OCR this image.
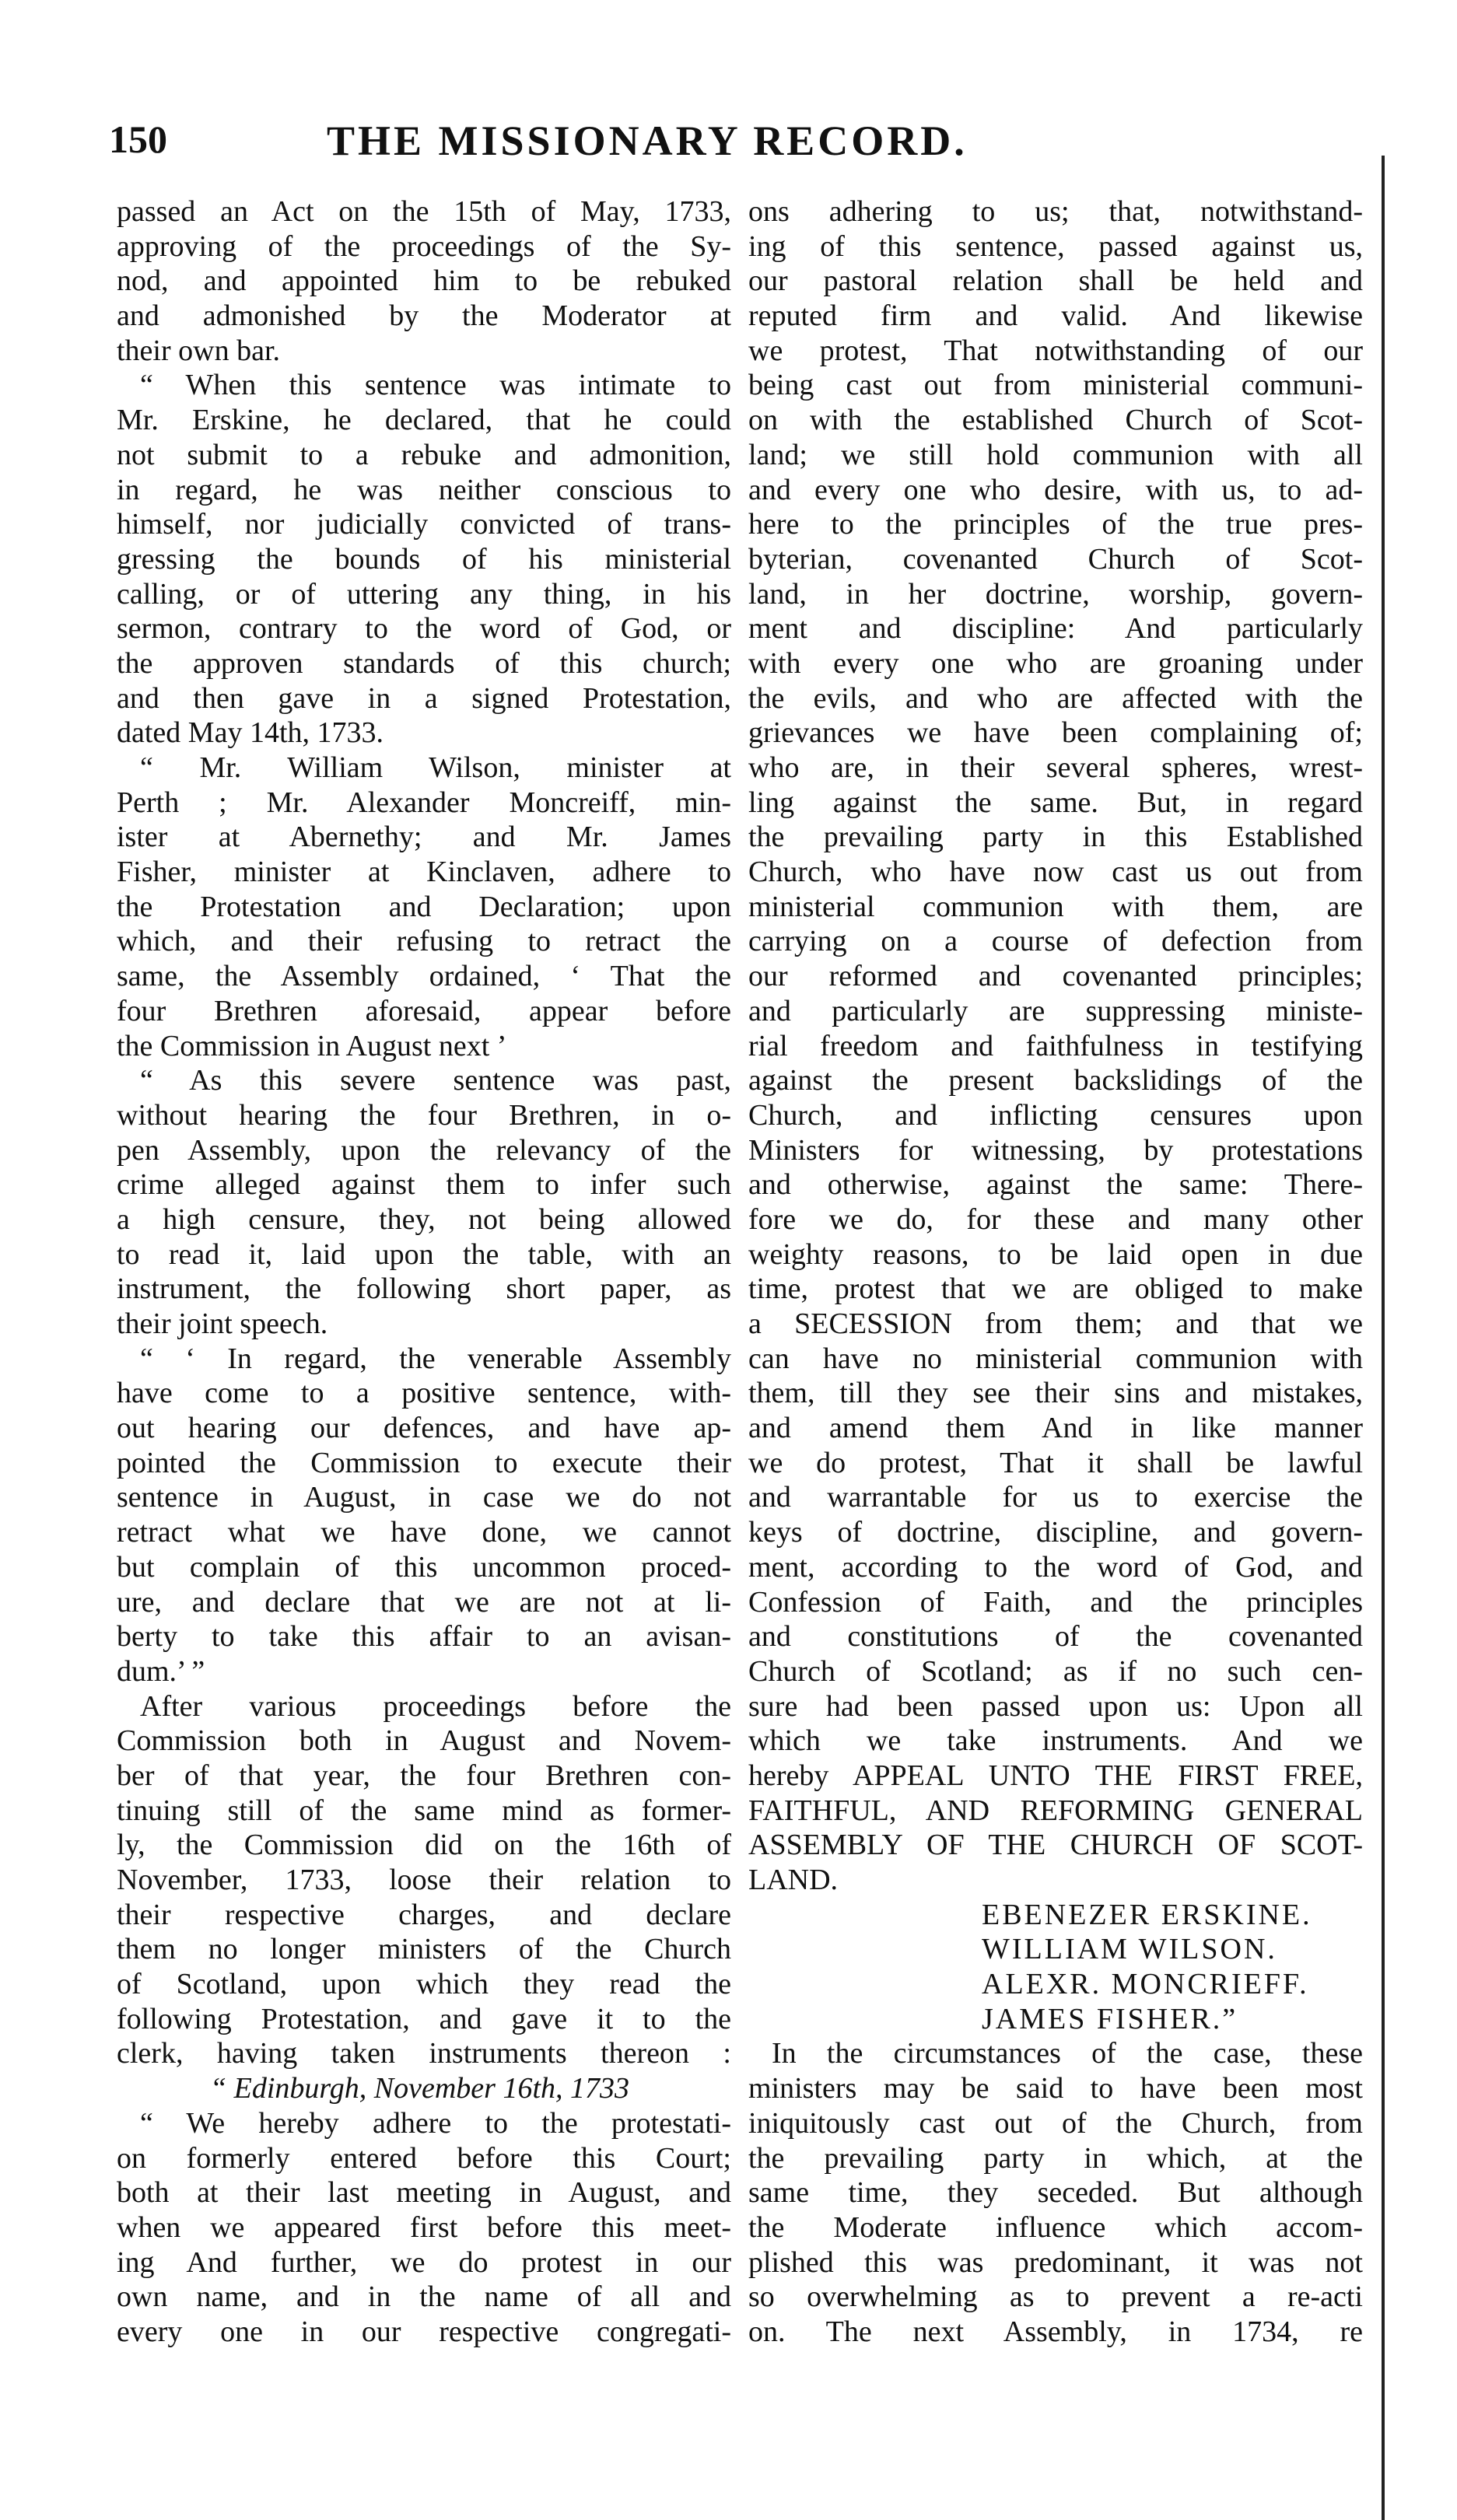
150	THE MISSIONARY RECORD.
passed an Act on the 15th of May, 1733,
approving of the proceedings of the Sy-
nod, and appointed him to be rebuked
and admonished by the Moderator at
their own bar.
“ When this sentence was intimate to
Mr. Erskine, he declared, that he could
not submit to a rebuke and admonition,
in regard, he was neither conscious to
himself, nor judicially convicted of trans-
gressing the bounds of his ministerial
calling, or of uttering any thing, in his
sermon, contrary to the word of God, or
the approven standards of this church;
and then gave in a signed Protestation,
dated May 14th, 1733.
“ Mr. William Wilson, minister at
Perth ; Mr. Alexander Moncreiff, min-
ister at Abernethy; and Mr. James
Fisher, minister at Kinclaven, adhere to
the Protestation and Declaration; upon
which, and their refusing to retract the
same, the Assembly ordained, ‘ That the
four Brethren aforesaid, appear before
the Commission in August next ’
“ As this severe sentence was past,
without hearing the four Brethren, in o-
pen Assembly, upon the relevancy of the
crime alleged against them to infer such
a high censure, they, not being allowed
to read it, laid upon the table, with an
instrument, the following short paper, as
their joint speech.
“ ‘ In regard, the venerable Assembly
have come to a positive sentence, with-
out hearing our defences, and have ap-
pointed the Commission to execute their
sentence in August, in case we do not
retract what we have done, we cannot
but complain of this uncommon proced-
ure, and declare that we are not at li-
berty to take this affair to an avisan-
dum.’ ”
After various proceedings before the
Commission both in August and Novem-
ber of that year, the four Brethren con-
tinuing still of the same mind as former-
ly, the Commission did on the 16th of
November, 1733, loose their relation to
their respective charges, and declare
them no longer ministers of the Church
of Scotland, upon which they read the
following Protestation, and gave it to the
clerk, having taken instruments thereon :
“ Edinburgh, November 16th, 1733
“ We hereby adhere to the protestati-
on formerly entered before this Court;
both at their last meeting in August, and
when we appeared first before this meet-
ing And further, we do protest in our
own name, and in the name of all and
every one in our respective congregati-
ons adhering to us; that, notwithstand-
ing of this sentence, passed against us,
our pastoral relation shall be held and
reputed firm and valid. And likewise
we protest, That notwithstanding of our
being cast out from ministerial communi-
on with the established Church of Scot-
land; we still hold communion with all
and every one who desire, with us, to ad-
here to the principles of the true pres-
byterian, covenanted Church of Scot-
land, in her doctrine, worship, govern-
ment and discipline: And particularly
with every one who are groaning under
the evils, and who are affected with the
grievances we have been complaining of;
who are, in their several spheres, wrest-
ling against the same. But, in regard
the prevailing party in this Established
Church, who have now cast us out from
ministerial communion with them, are
carrying on a course of defection from
our reformed and covenanted principles;
and particularly are suppressing ministe-
rial freedom and faithfulness in testifying
against the present backslidings of the
Church, and inflicting censures upon
Ministers for witnessing, by protestations
and otherwise, against the same: There-
fore we do, for these and many other
weighty reasons, to be laid open in due
time, protest that we are obliged to make
a SECESSION from them; and that we
can have no ministerial communion with
them, till they see their sins and mistakes,
and amend them And in like manner
we do protest, That it shall be lawful
and warrantable for us to exercise the
keys of doctrine, discipline, and govern-
ment, according to the word of God, and
Confession of Faith, and the principles
and constitutions of the covenanted
Church of Scotland; as if no such cen-
sure had been passed upon us: Upon all
which we take instruments. And we
hereby APPEAL UNTO THE FIRST FREE,
FAITHFUL, AND REFORMING GENERAL
ASSEMBLY OF THE CHURCH OF SCOT-
LAND.
EBENEZER ERSKINE.
WILLIAM WILSON.
ALEXR. MONCRIEFF.
JAMES FISHER.”
In the circumstances of the case, these
ministers may be said to have been most
iniquitously cast out of the Church, from
the prevailing party in which, at the
same time, they seceded. But although
the Moderate influence which accom-
plished this was predominant, it was not
so overwhelming as to prevent a re-acti
on. The next Assembly, in 1734, re
